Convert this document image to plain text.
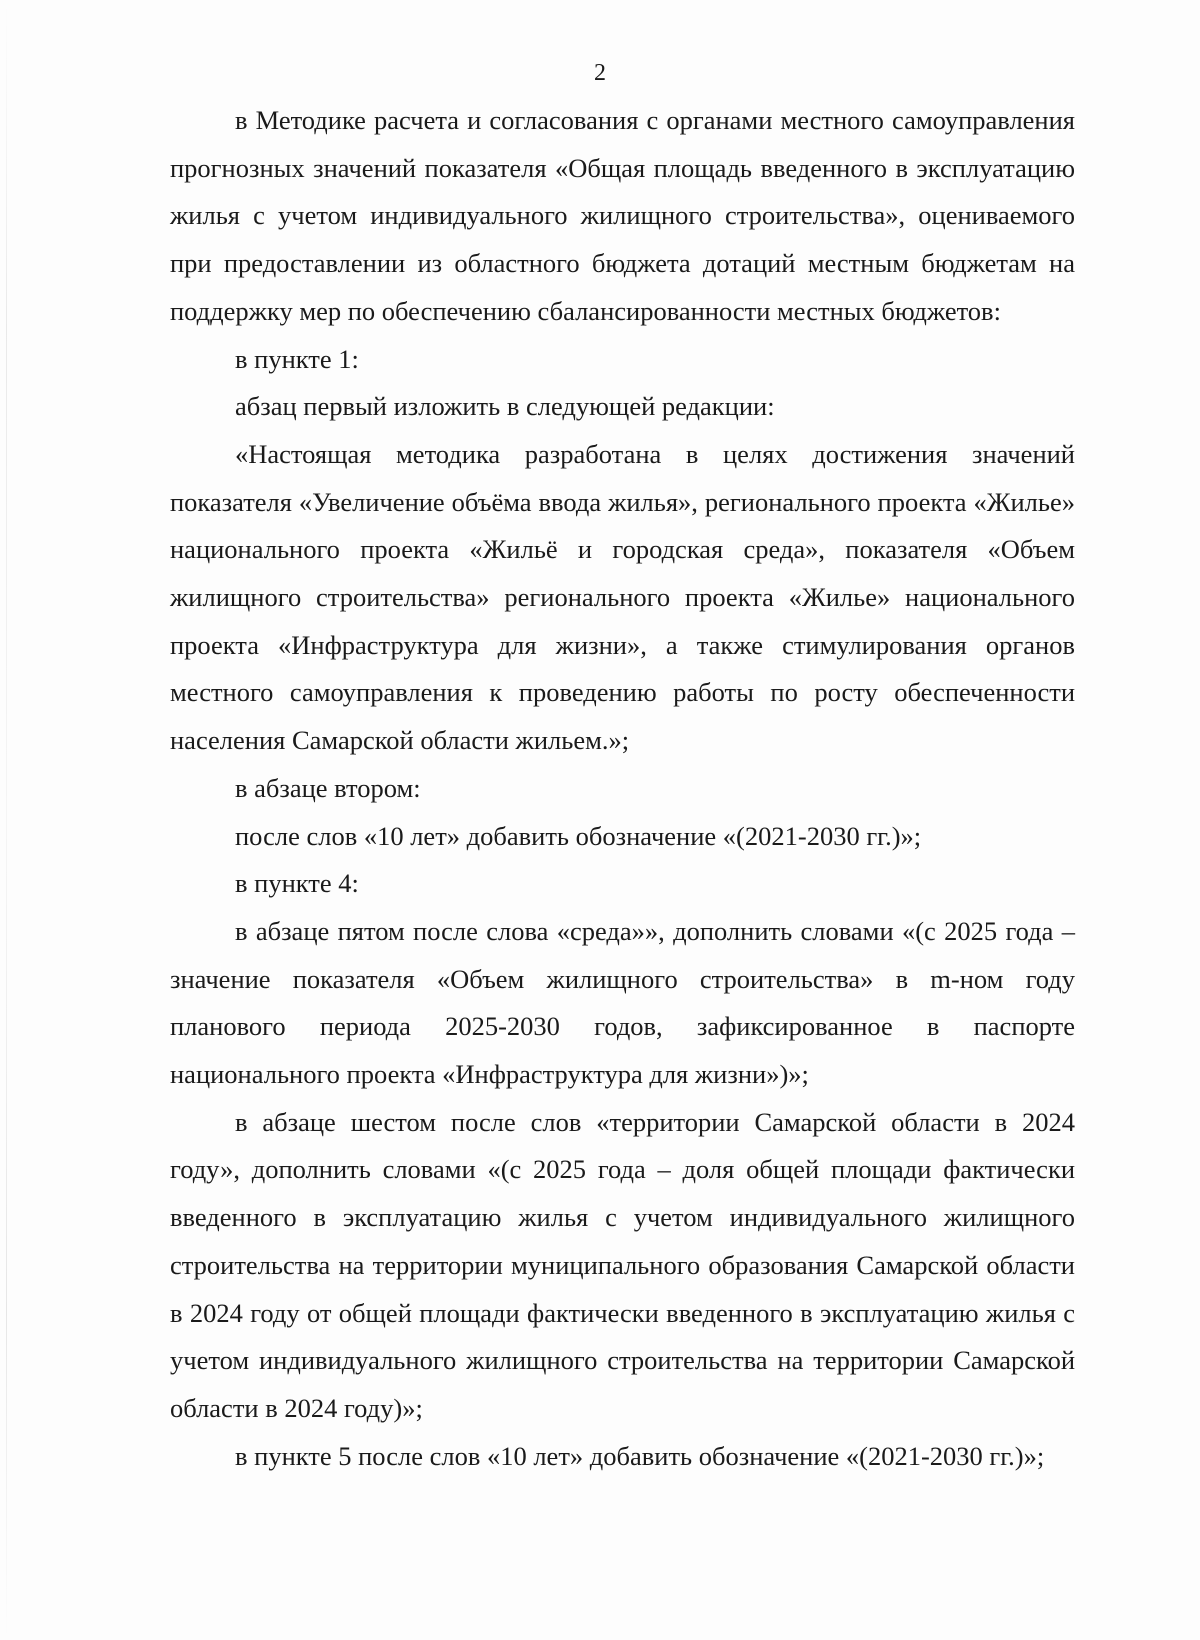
2

в Методике расчета и согласования с органами местного самоуправления прогнозных значений показателя «Общая площадь введенного в эксплуатацию жилья с учетом индивидуального жилищного строительства», оцениваемого при предоставлении из областного бюджета дотаций местным бюджетам на поддержку мер по обеспечению сбалансированности местных бюджетов:

в пункте 1:

абзац первый изложить в следующей редакции:

«Настоящая методика разработана в целях достижения значений показателя «Увеличение объёма ввода жилья», регионального проекта «Жилье» национального проекта «Жильё и городская среда», показателя «Объем жилищного строительства» регионального проекта «Жилье» национального проекта «Инфраструктура для жизни», а также стимулирования органов местного самоуправления к проведению работы по росту обеспеченности населения Самарской области жильем.»;

в абзаце втором:

после слов «10 лет» добавить обозначение «(2021-2030 гг.)»;

в пункте 4:

в абзаце пятом после слова «среда»», дополнить словами «(с 2025 года – значение показателя «Объем жилищного строительства» в m-ном году планового периода 2025-2030 годов, зафиксированное в паспорте национального проекта «Инфраструктура для жизни»)»;

в абзаце шестом после слов «территории Самарской области в 2024 году», дополнить словами «(с 2025 года – доля общей площади фактически введенного в эксплуатацию жилья с учетом индивидуального жилищного строительства на территории муниципального образования Самарской области в 2024 году от общей площади фактически введенного в эксплуатацию жилья с учетом индивидуального жилищного строительства на территории Самарской области в 2024 году)»;

в пункте 5 после слов «10 лет» добавить обозначение «(2021-2030 гг.)»;
